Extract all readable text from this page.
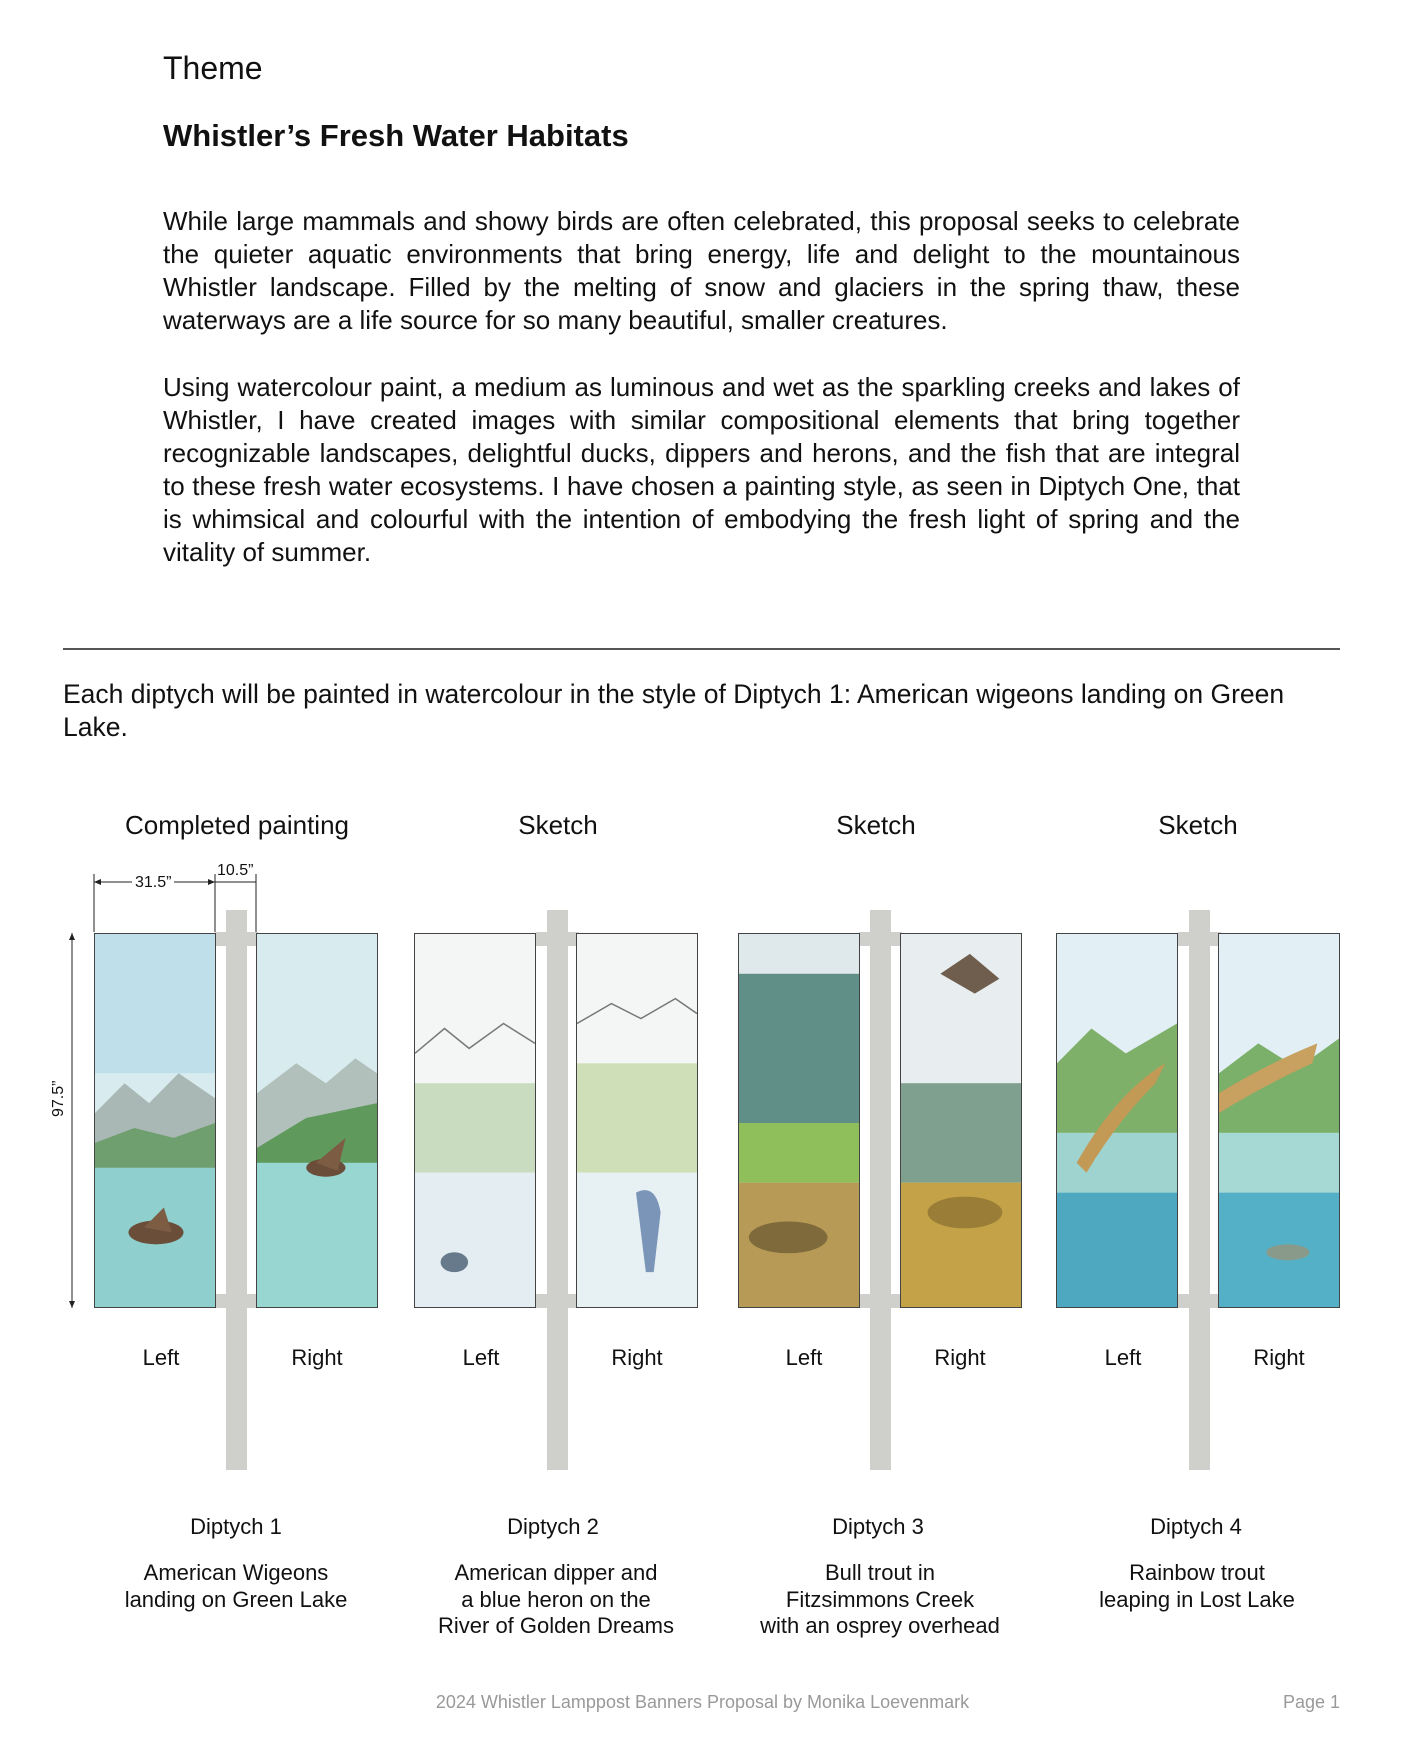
Theme
Whistler’s Fresh Water Habitats
While large mammals and showy birds are often celebrated, this proposal seeks to celebrate the quieter aquatic environments that bring energy, life and delight to the mountainous Whistler landscape. Filled by the melting of snow and glaciers in the spring thaw, these waterways are a life source for so many beautiful, smaller creatures.
Using watercolour paint, a medium as luminous and wet as the sparkling creeks and lakes of Whistler, I have created images with similar compositional elements that bring together recognizable landscapes, delightful ducks, dippers and herons, and the fish that are integral to these fresh water ecosystems. I have chosen a painting style, as seen in Diptych One, that is whimsical and colourful with the intention of embodying the fresh light of spring and the vitality of summer.
Each diptych will be painted in watercolour in the style of Diptych 1: American wigeons landing on Green Lake.
Completed painting	Sketch	Sketch	Sketch
31.5”
10.5”
97.5”
Left	Right	Left	Right	Left	Right	Left	Right
Diptych 1
American Wigeons
landing on Green Lake
Diptych 2
American dipper and
a blue heron on the
River of Golden Dreams
Diptych 3
Bull trout in
Fitzsimmons Creek
with an osprey overhead
Diptych 4
Rainbow trout
leaping in Lost Lake
2024 Whistler Lamppost Banners Proposal by Monika Loevenmark	Page 1
